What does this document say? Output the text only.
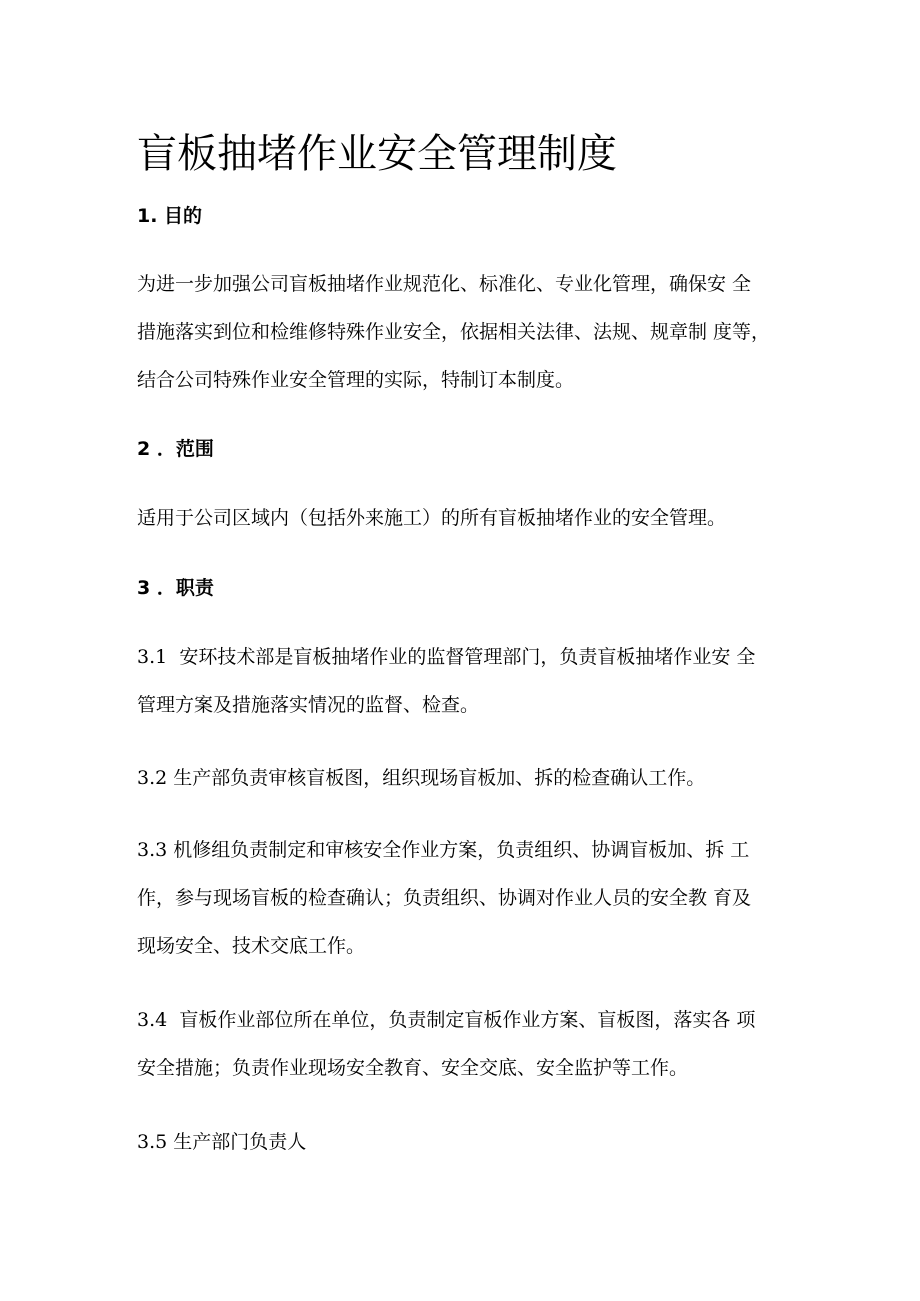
盲板抽堵作业安全管理制度
1. 目的
为进一步加强公司盲板抽堵作业规范化、标准化、专业化管理，确保安 全
措施落实到位和检维修特殊作业安全，依据相关法律、法规、规章制 度等，
结合公司特殊作业安全管理的实际，特制订本制度。
2 ．范围
适用于公司区域内（包括外来施工）的所有盲板抽堵作业的安全管理。
3 ．职责
3.1 安环技术部是盲板抽堵作业的监督管理部门，负责盲板抽堵作业安 全
管理方案及措施落实情况的监督、检查。
3.2 生产部负责审核盲板图，组织现场盲板加、拆的检查确认工作。
3.3 机修组负责制定和审核安全作业方案，负责组织、协调盲板加、拆 工
作，参与现场盲板的检查确认；负责组织、协调对作业人员的安全教 育及
现场安全、技术交底工作。
3.4 盲板作业部位所在单位，负责制定盲板作业方案、盲板图，落实各 项
安全措施；负责作业现场安全教育、安全交底、安全监护等工作。
3.5 生产部门负责人
